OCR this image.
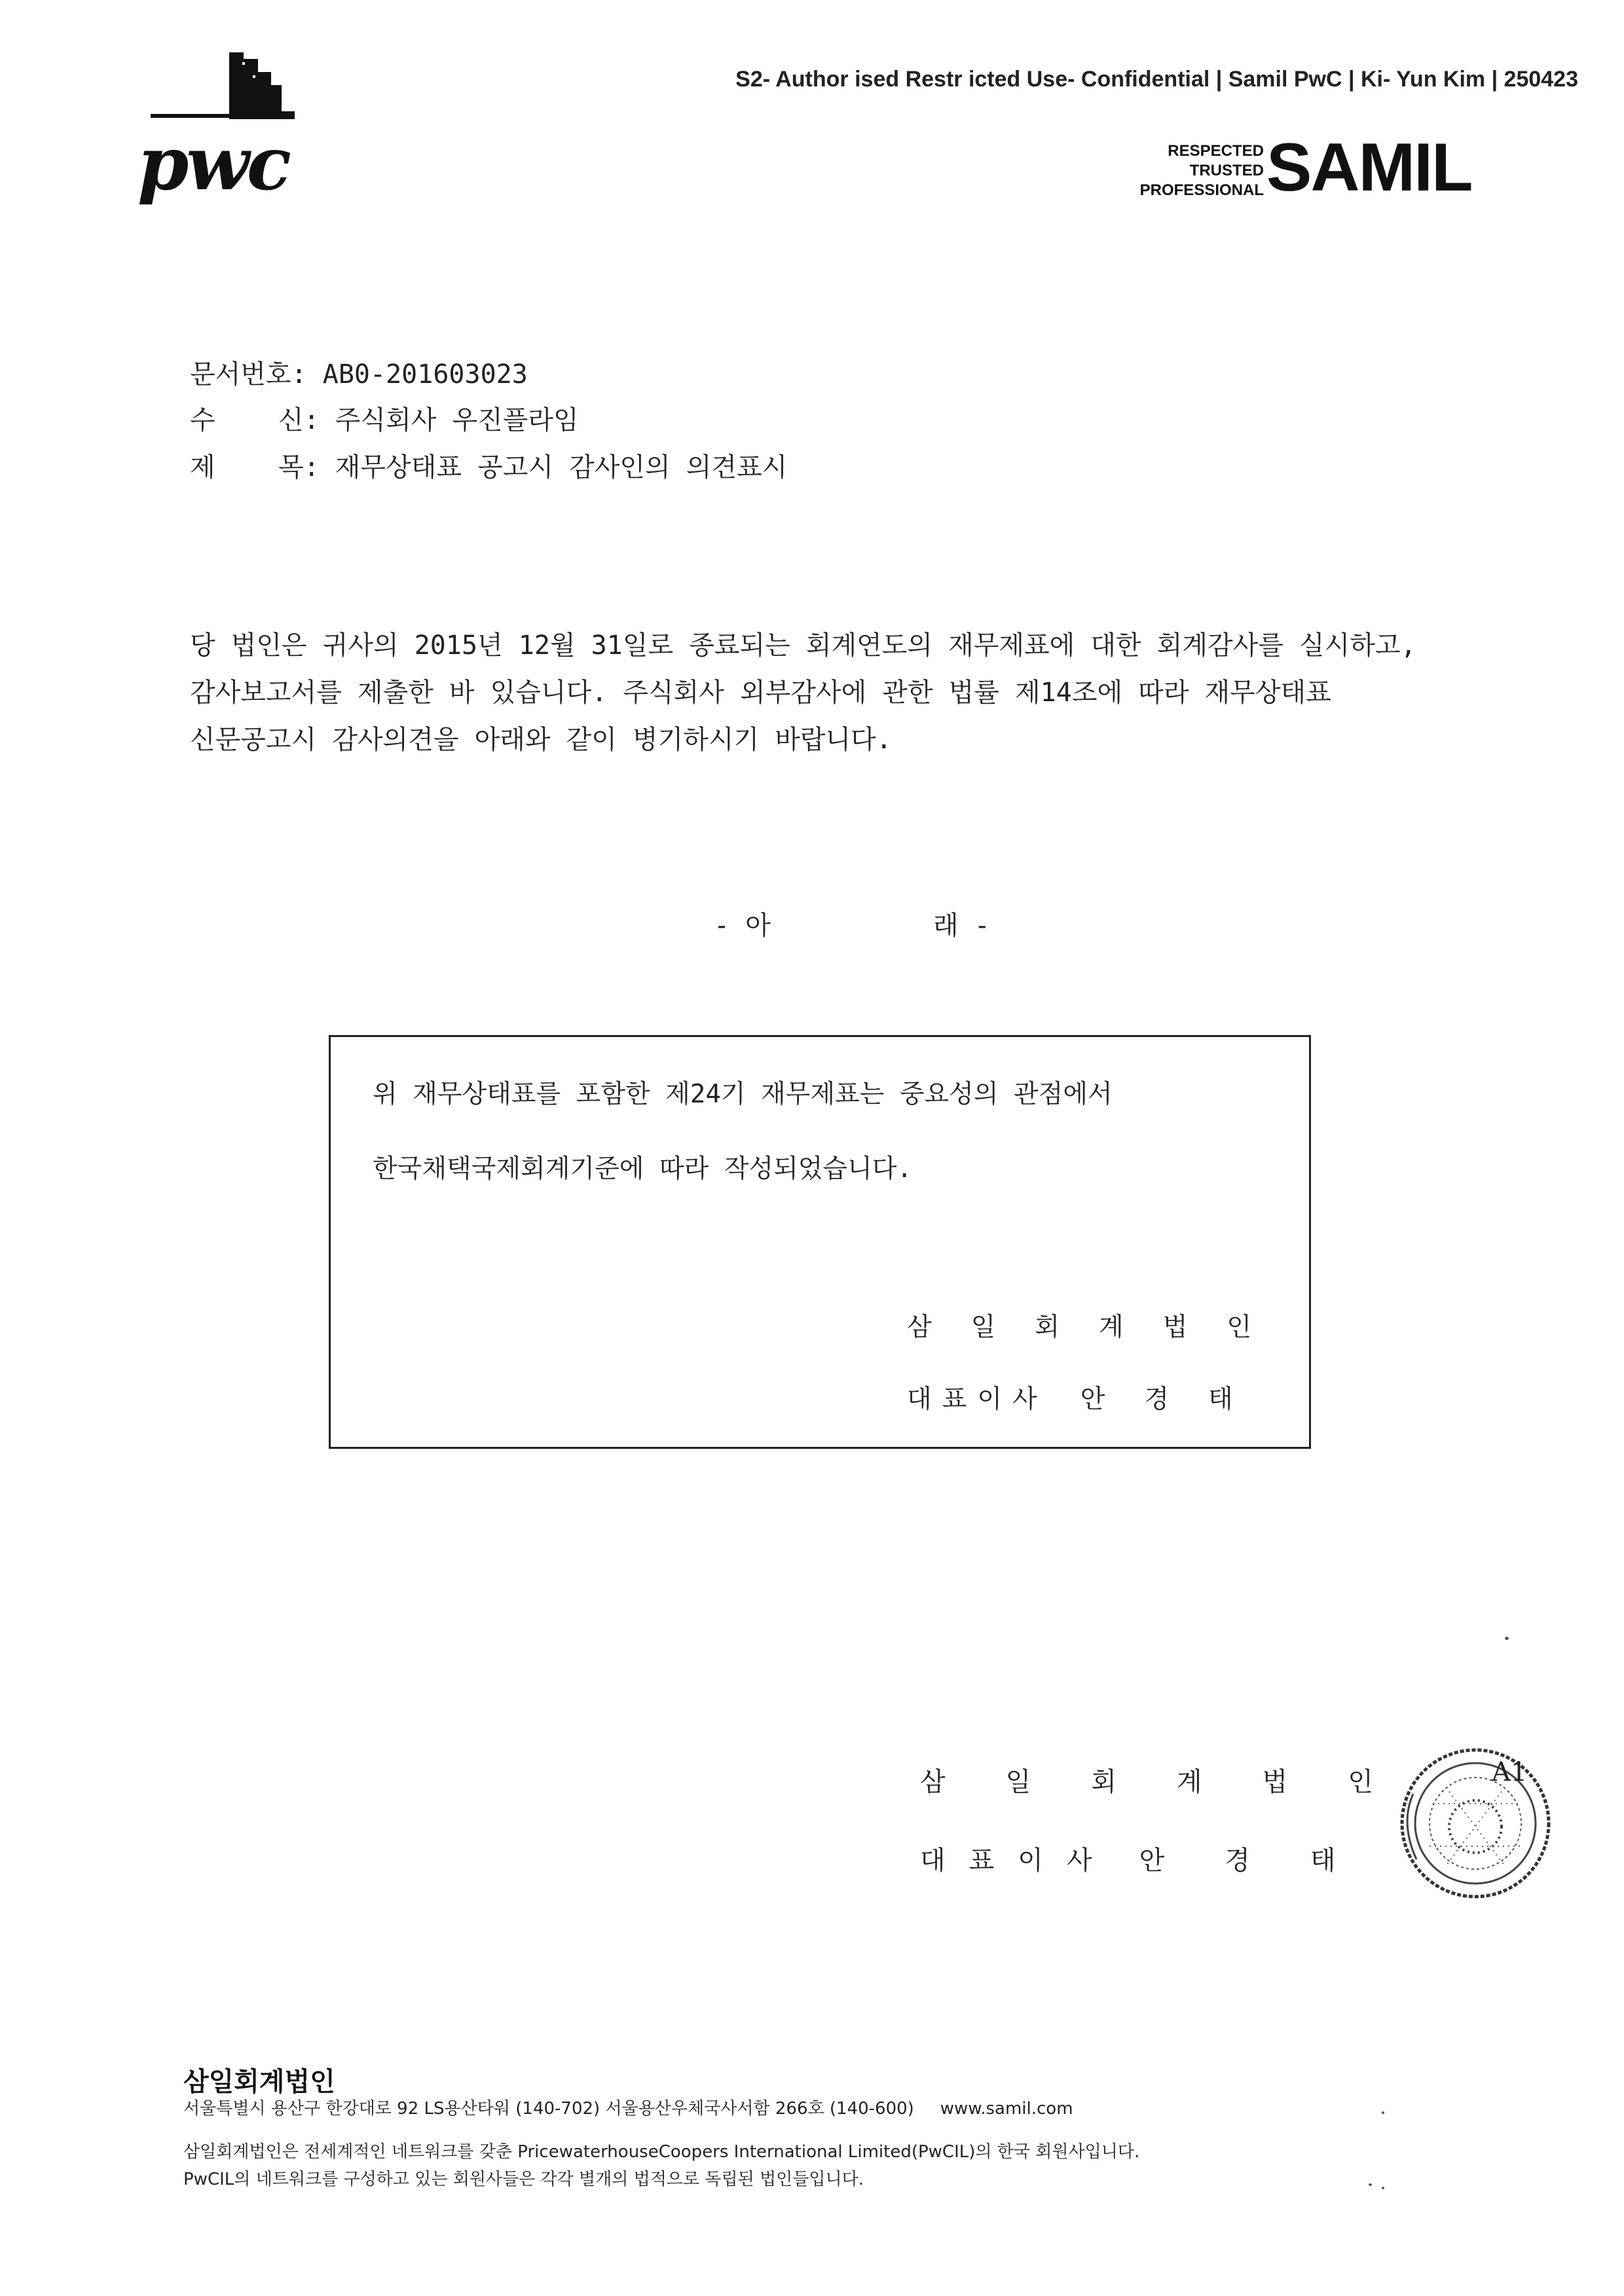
pwc
S2- Author ised Restr icted Use- Confidential | Samil PwC | Ki- Yun Kim | 250423
RESPECTED
TRUSTED
PROFESSIONAL SAMIL
문서번호: AB0-201603023
수    신: 주식회사 우진플라임
제    목: 재무상태표 공고시 감사인의 의견표시
당 법인은 귀사의 2015년 12월 31일로 종료되는 회계연도의 재무제표에 대한 회계감사를 실시하고,
감사보고서를 제출한 바 있습니다. 주식회사 외부감사에 관한 법률 제14조에 따라 재무상태표
신문공고시 감사의견을 아래와 같이 병기하시기 바랍니다.
- 아	래 -
위 재무상태표를 포함한 제24기 재무제표는 중요성의 관점에서
한국채택국제회계기준에 따라 작성되었습니다.
삼일회계법인
대표이사 안경태
삼일회계법인
대표이사 안경태
A1
삼일회계법인
서울특별시 용산구 한강대로 92 LS용산타워 (140-702) 서울용산우체국사서함 266호 (140-600) www.samil.com
삼일회계법인은 전세계적인 네트워크를 갖춘 PricewaterhouseCoopers International Limited(PwCIL)의 한국 회원사입니다.
PwCIL의 네트워크를 구성하고 있는 회원사들은 각각 별개의 법적으로 독립된 법인들입니다.
